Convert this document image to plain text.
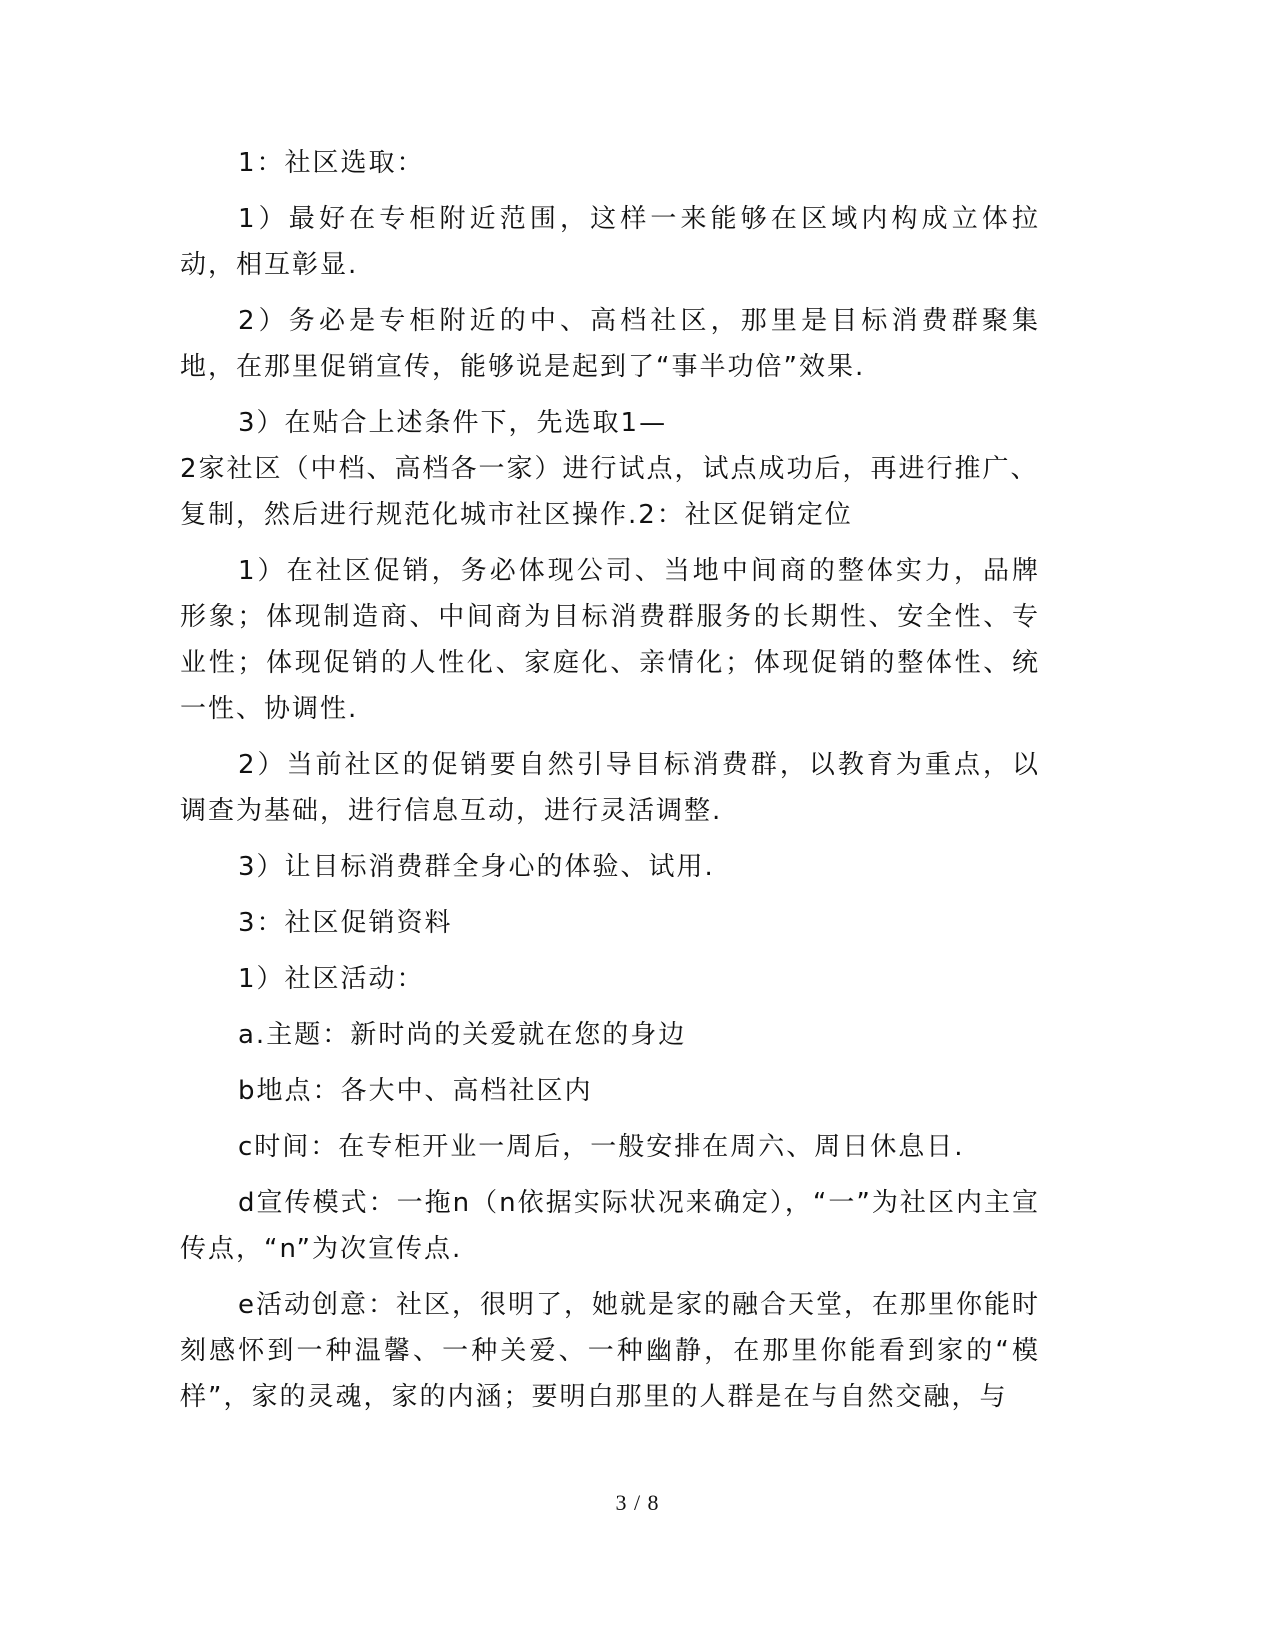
1：社区选取：

1）最好在专柜附近范围，这样一来能够在区域内构成立体拉动，相互彰显.

2）务必是专柜附近的中、高档社区，那里是目标消费群聚集地，在那里促销宣传，能够说是起到了“事半功倍”效果.

3）在贴合上述条件下，先选取1—
2家社区（中档、高档各一家）进行试点，试点成功后，再进行推广、
复制，然后进行规范化城市社区操作.2：社区促销定位

1）在社区促销，务必体现公司、当地中间商的整体实力，品牌形象；体现制造商、中间商为目标消费群服务的长期性、安全性、专业性；体现促销的人性化、家庭化、亲情化；体现促销的整体性、统一性、协调性.

2）当前社区的促销要自然引导目标消费群，以教育为重点，以调查为基础，进行信息互动，进行灵活调整.

3）让目标消费群全身心的体验、试用.

3：社区促销资料

1）社区活动：

a.主题：新时尚的关爱就在您的身边

b地点：各大中、高档社区内

c时间：在专柜开业一周后，一般安排在周六、周日休息日.

d宣传模式：一拖n（n依据实际状况来确定），“一”为社区内主宣传点，“n”为次宣传点.

e活动创意：社区，很明了，她就是家的融合天堂，在那里你能时刻感怀到一种温馨、一种关爱、一种幽静，在那里你能看到家的“模样”，家的灵魂，家的内涵；要明白那里的人群是在与自然交融，与

3 / 8
